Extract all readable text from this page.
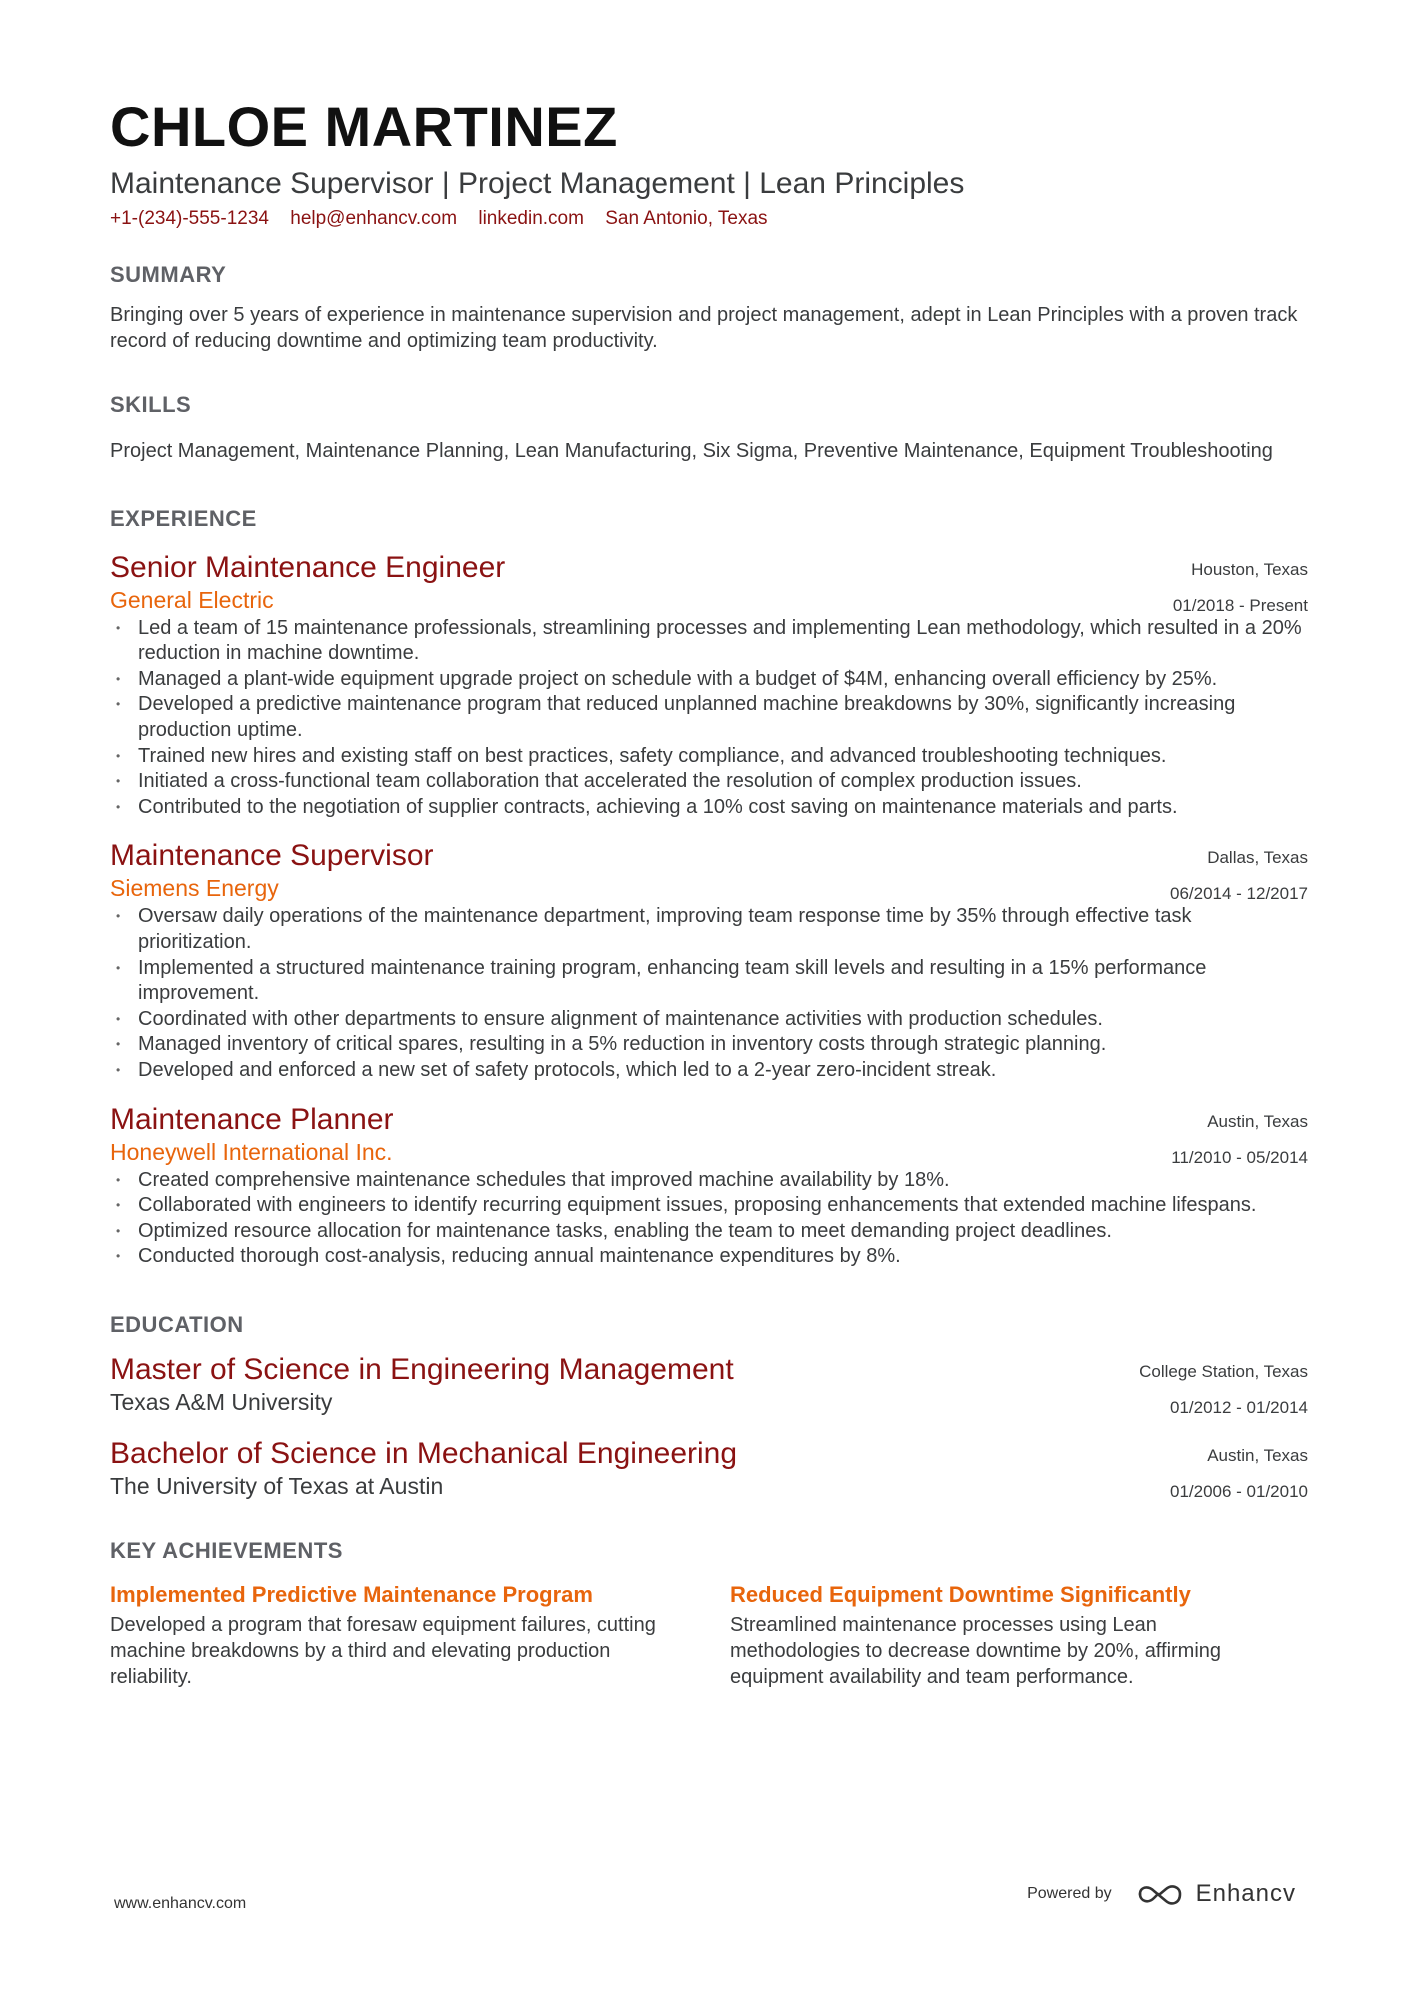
CHLOE MARTINEZ
Maintenance Supervisor | Project Management | Lean Principles
+1-(234)-555-1234 help@enhancv.com linkedin.com San Antonio, Texas
SUMMARY
Bringing over 5 years of experience in maintenance supervision and project management, adept in Lean Principles with a proven track record of reducing downtime and optimizing team productivity.
SKILLS
Project Management, Maintenance Planning, Lean Manufacturing, Six Sigma, Preventive Maintenance, Equipment Troubleshooting
EXPERIENCE
Senior Maintenance Engineer
General Electric
Houston, Texas
01/2018 - Present
• Led a team of 15 maintenance professionals, streamlining processes and implementing Lean methodology, which resulted in a 20% reduction in machine downtime.
• Managed a plant-wide equipment upgrade project on schedule with a budget of $4M, enhancing overall efficiency by 25%.
• Developed a predictive maintenance program that reduced unplanned machine breakdowns by 30%, significantly increasing production uptime.
• Trained new hires and existing staff on best practices, safety compliance, and advanced troubleshooting techniques.
• Initiated a cross-functional team collaboration that accelerated the resolution of complex production issues.
• Contributed to the negotiation of supplier contracts, achieving a 10% cost saving on maintenance materials and parts.
Maintenance Supervisor
Siemens Energy
Dallas, Texas
06/2014 - 12/2017
• Oversaw daily operations of the maintenance department, improving team response time by 35% through effective task prioritization.
• Implemented a structured maintenance training program, enhancing team skill levels and resulting in a 15% performance improvement.
• Coordinated with other departments to ensure alignment of maintenance activities with production schedules.
• Managed inventory of critical spares, resulting in a 5% reduction in inventory costs through strategic planning.
• Developed and enforced a new set of safety protocols, which led to a 2-year zero-incident streak.
Maintenance Planner
Honeywell International Inc.
Austin, Texas
11/2010 - 05/2014
• Created comprehensive maintenance schedules that improved machine availability by 18%.
• Collaborated with engineers to identify recurring equipment issues, proposing enhancements that extended machine lifespans.
• Optimized resource allocation for maintenance tasks, enabling the team to meet demanding project deadlines.
• Conducted thorough cost-analysis, reducing annual maintenance expenditures by 8%.
EDUCATION
Master of Science in Engineering Management
Texas A&M University
College Station, Texas
01/2012 - 01/2014
Bachelor of Science in Mechanical Engineering
The University of Texas at Austin
Austin, Texas
01/2006 - 01/2010
KEY ACHIEVEMENTS
Implemented Predictive Maintenance Program
Developed a program that foresaw equipment failures, cutting machine breakdowns by a third and elevating production reliability.
Reduced Equipment Downtime Significantly
Streamlined maintenance processes using Lean methodologies to decrease downtime by 20%, affirming equipment availability and team performance.
www.enhancv.com
Powered by	Enhancv
